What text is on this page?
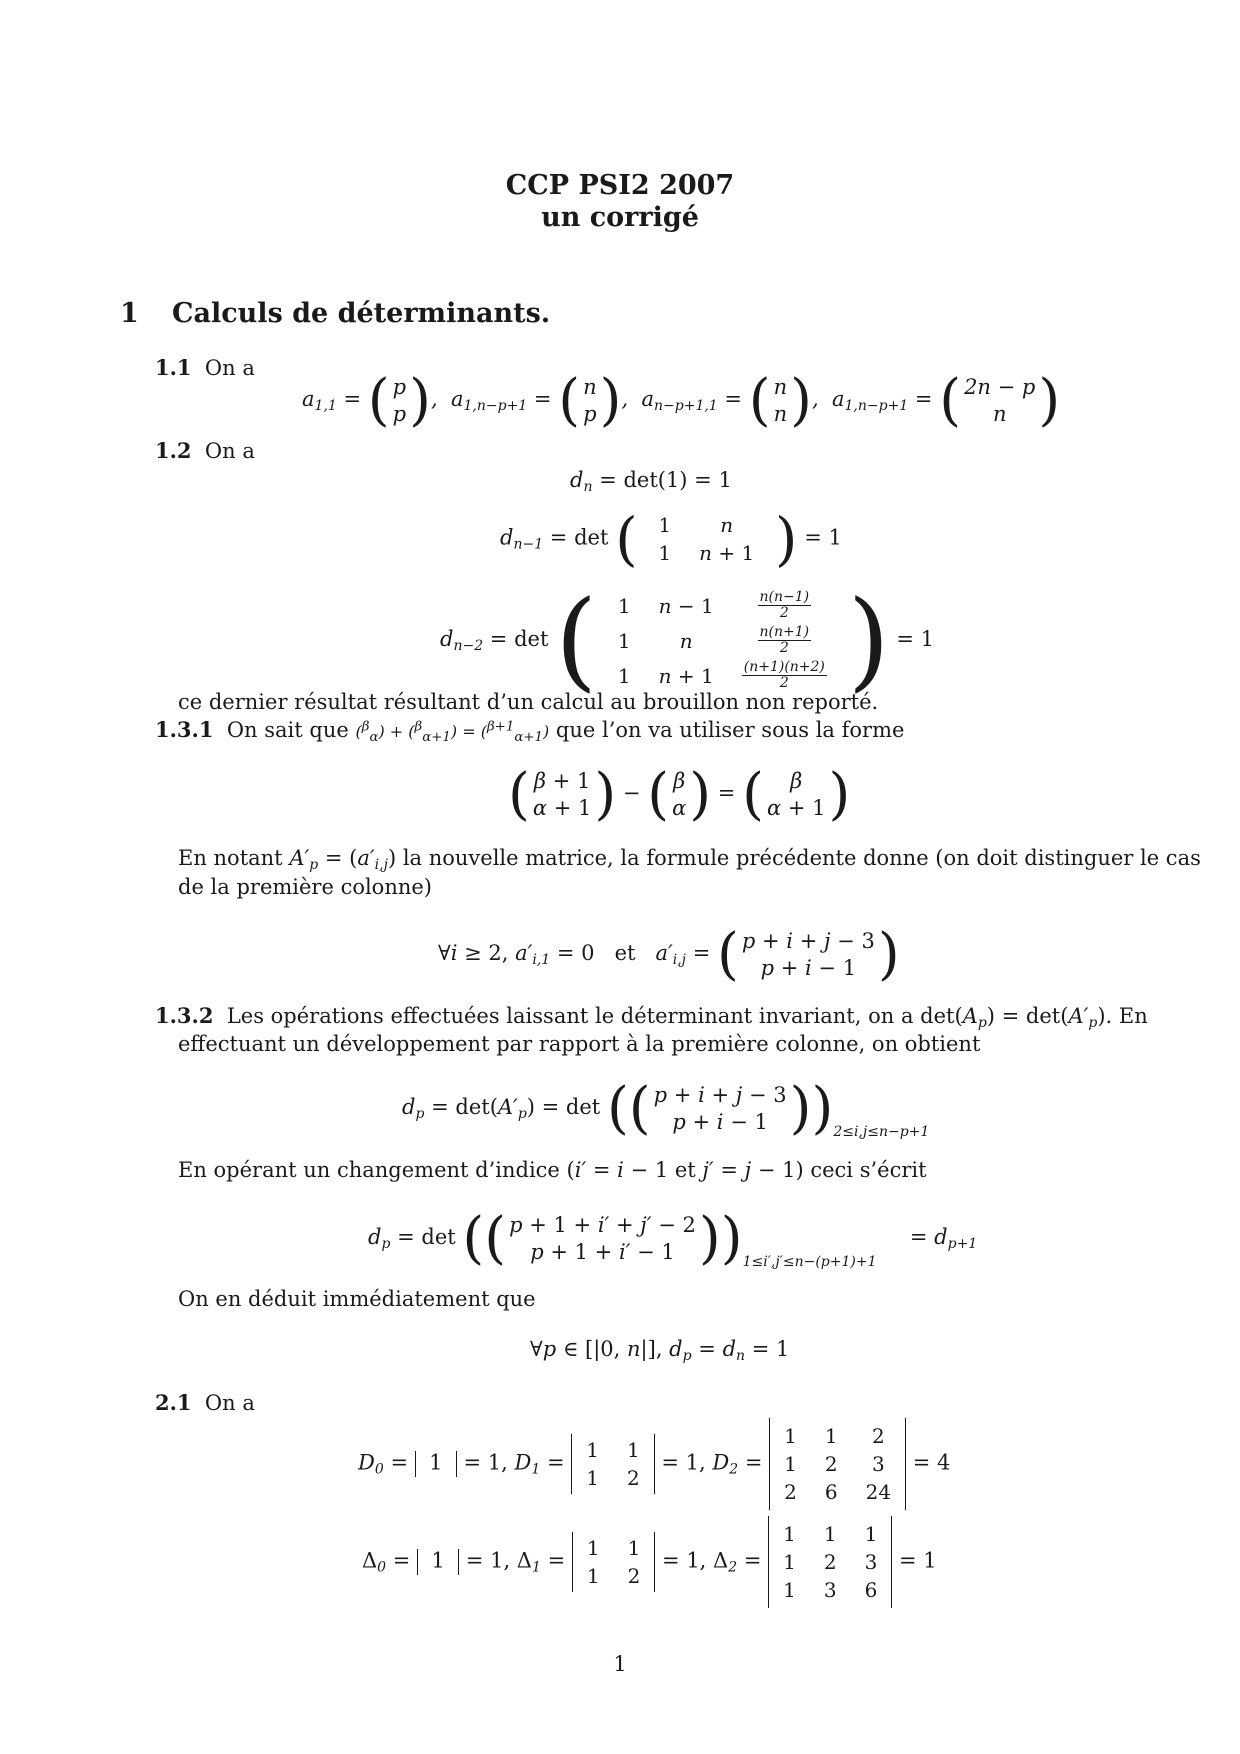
CCP PSI2 2007
un corrigé
1 Calculs de déterminants.
1.1 On a
$a_{1,1}$ = ( p
p ) ,  $a_{1,n-p+1}$ = ( n
p ) ,  $a_{n-p+1,1}$ = ( n
n ) ,  $a_{1,n-p+1}$ = ( 2n − p
n )
1.2 On a
$d_n = \det(1) = 1$
$d_{n-1} = \det$ ( 1	n
1	n + 1 ) = 1
$d_{n-2} = \det$ ( 1	n − 1	$\frac{n(n-1)}{2}$

1	n	$\frac{n(n+1)}{2}$

1	n + 1	$\frac{(n+1)(n+2)}{2}$ ) = 1
ce dernier résultat résultant d’un calcul au brouillon non reporté.
1.3.1 On sait que ($^\beta_\alpha$) + ($^\beta_{\alpha+1}$) = ($^{\beta+1}_{\alpha+1}$) que l’on va utiliser sous la forme
( β + 1
α + 1 ) − ( β
α ) = ( β
α + 1 )
En notant $A'_p = (a'_{i,j})$ la nouvelle matrice, la formule précédente donne (on doit distinguer le cas
de la première colonne)
∀i ≥ 2, $a'_{i,1} = 0$   et   $a'_{i,j}$ = ( p + i + j − 3
p + i − 1 )
1.3.2 Les opérations effectuées laissant le déterminant invariant, on a $\det(A_p) = \det(A'_p)$. En
effectuant un développement par rapport à la première colonne, on obtient
$d_p = \det(A'_p) = \det$ ( ( p + i + j − 3
p + i − 1 ) )$_{2\le i,j\le n-p+1}$
En opérant un changement d’indice (i′ = i − 1 et j′ = j − 1) ceci s’écrit
$d_p = \det$ ( ( p + 1 + i′ + j′ − 2
p + 1 + i′ − 1 ) )$_{1\le i',j'\le n-(p+1)+1}$     = $d_{p+1}$
On en déduit immédiatement que
∀p ∈ [|0, n|], $d_p = d_n = 1$
2.1 On a
$D_0 = 1 = 1$, $D_1 = 1$	1
1	2 = 1, $D_2 = 1$	1	2
1	2	3
2	6	24 = 4
$\Delta_0 = 1 = 1$, $\Delta_1 = 1$	1
1	2 = 1, $\Delta_2 = 1$	1	1
1	2	3
1	3	6 = 1
1
